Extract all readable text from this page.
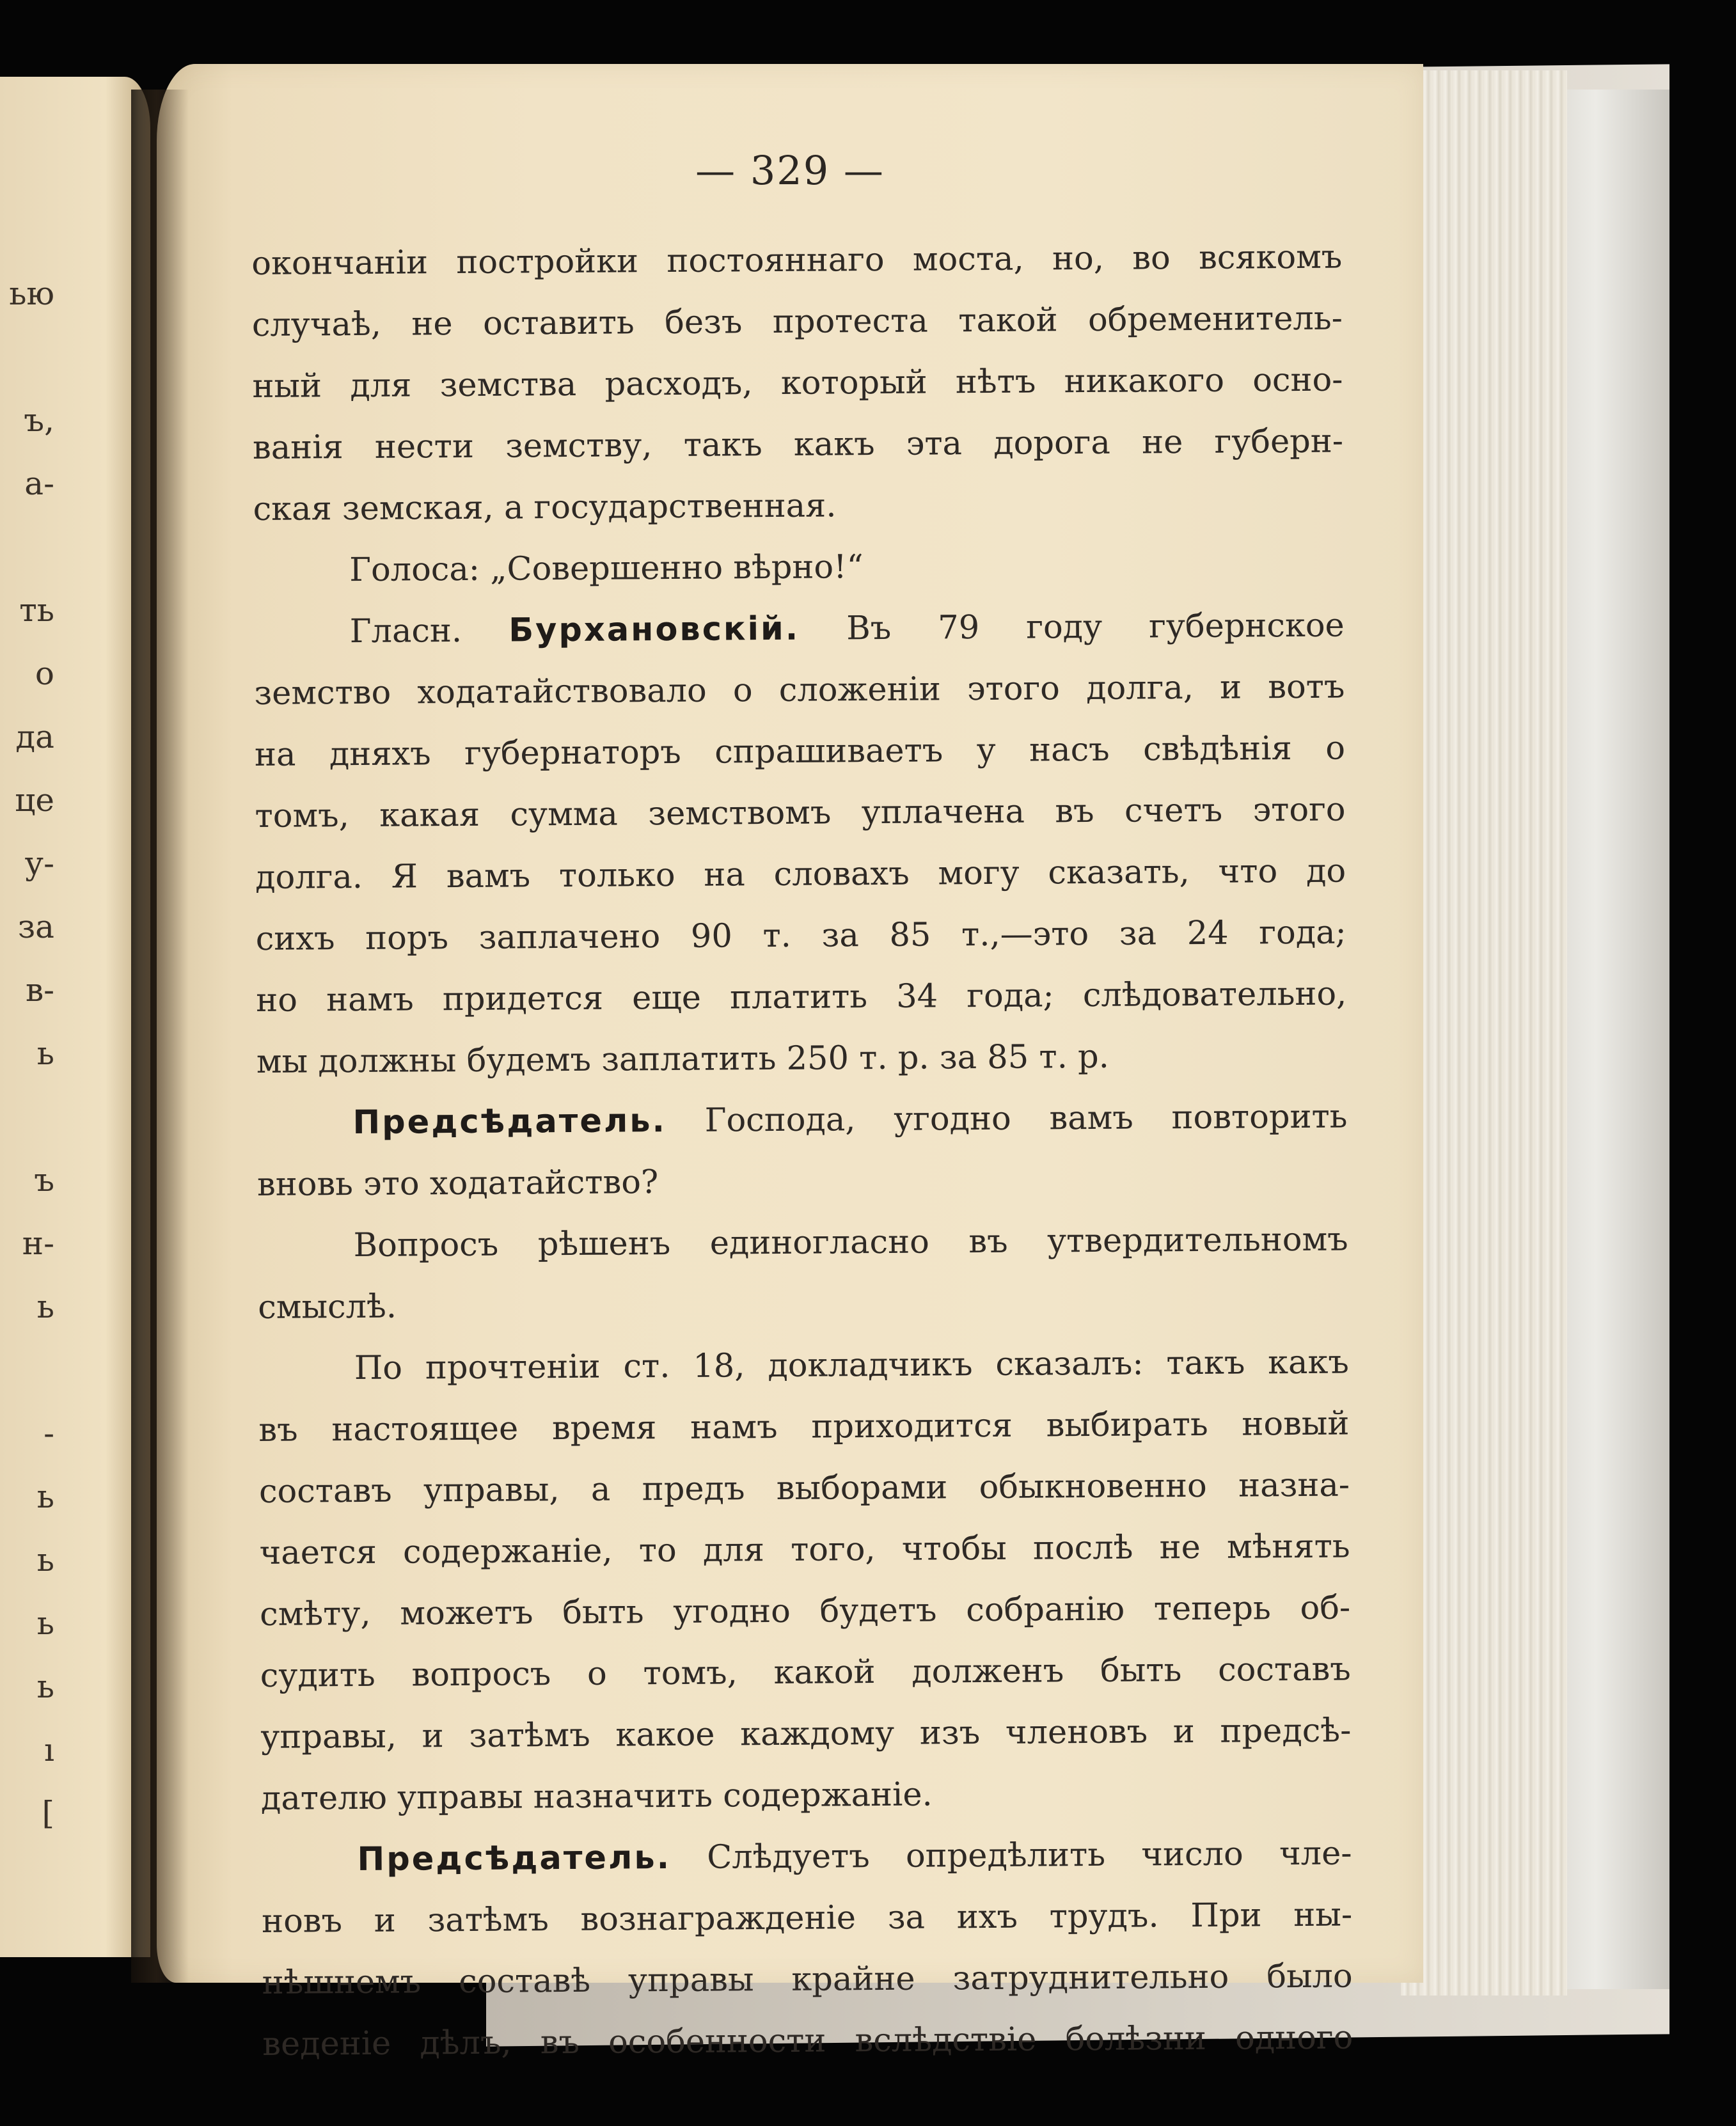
ью
ъ,
а-
ть
о
да
це
у-
за
в-
ь
ъ
н-
ь
-
ь
ь
ь
ь
ı
[
— 329 —
окончаніи постройки постояннаго моста, но, во всякомъ
случаѣ, не оставить безъ протеста такой обременитель-
ный для земства расходъ, который нѣтъ никакого осно-
ванія нести земству, такъ какъ эта дорога не губерн-
ская земская, а государственная.
Голоса: „Совершенно вѣрно!“
Гласн. Бурхановскій. Въ 79 году губернское
земство ходатайствовало о сложеніи этого долга, и вотъ
на дняхъ губернаторъ спрашиваетъ у насъ свѣдѣнія о
томъ, какая сумма земствомъ уплачена въ счетъ этого
долга. Я вамъ только на словахъ могу сказать, что до
сихъ поръ заплачено 90 т. за 85 т.,—это за 24 года;
но намъ придется еще платить 34 года; слѣдовательно,
мы должны будемъ заплатить 250 т. р. за 85 т. р.
Предсѣдатель. Господа, угодно вамъ повторить
вновь это ходатайство?
Вопросъ рѣшенъ единогласно въ утвердительномъ
смыслѣ.
По прочтеніи ст. 18, докладчикъ сказалъ: такъ какъ
въ настоящее время намъ приходится выбирать новый
составъ управы, а предъ выборами обыкновенно назна-
чается содержаніе, то для того, чтобы послѣ не мѣнять
смѣту, можетъ быть угодно будетъ собранію теперь об-
судить вопросъ о томъ, какой долженъ быть составъ
управы, и затѣмъ какое каждому изъ членовъ и предсѣ-
дателю управы назначить содержаніе.
Предсѣдатель. Слѣдуетъ опредѣлить число чле-
новъ и затѣмъ вознагражденіе за ихъ трудъ. При ны-
нѣшнемъ составѣ управы крайне затруднительно было
веденіе дѣлъ, въ особенности вслѣдствіе болѣзни одного
